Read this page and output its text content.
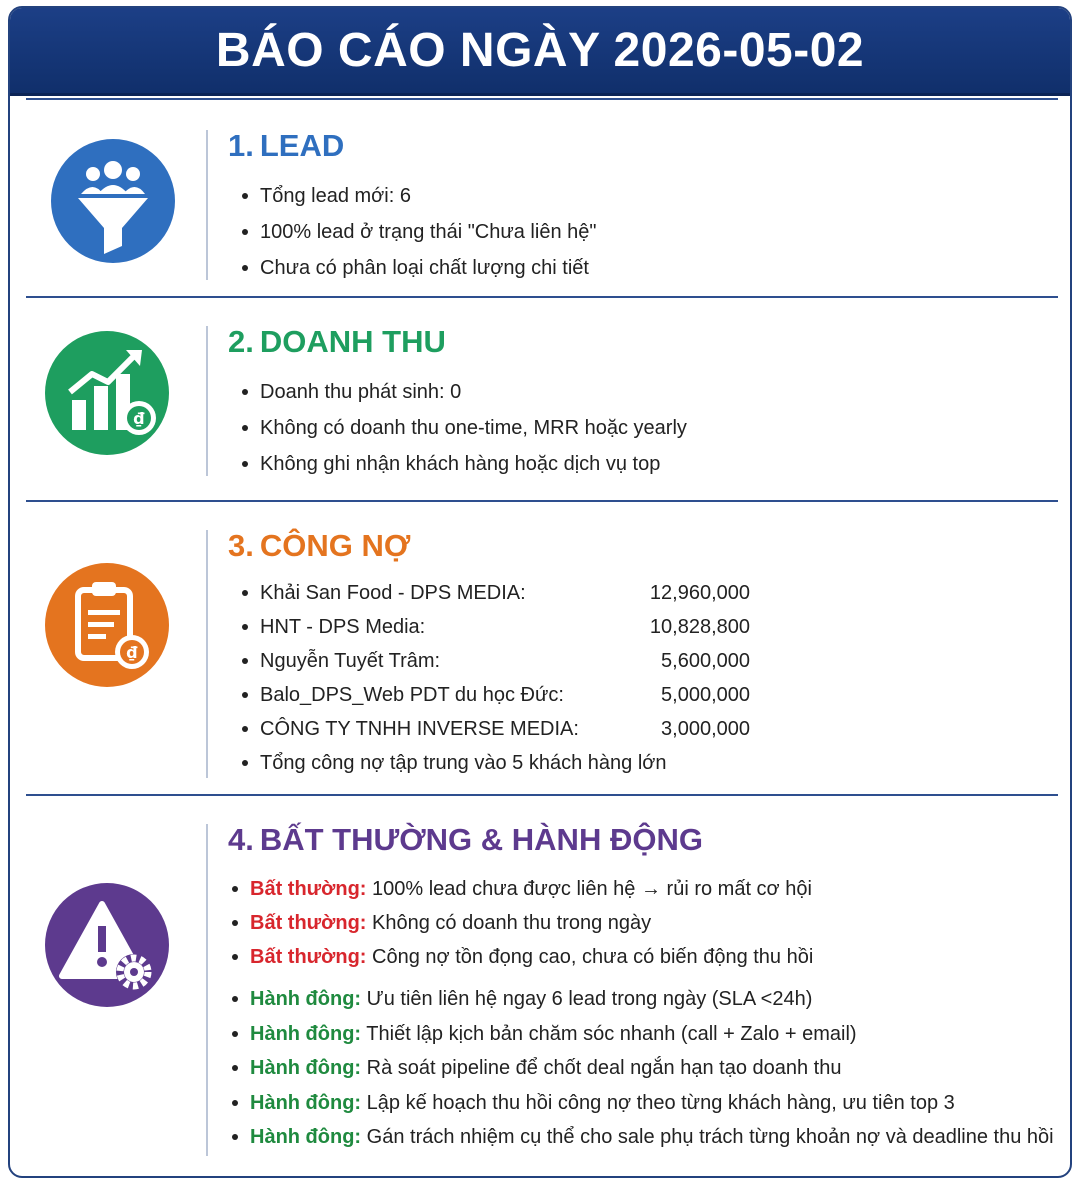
BÁO CÁO NGÀY 2026-05-02
1. LEAD
Tổng lead mới: 6
100% lead ở trạng thái "Chưa liên hệ"
Chưa có phân loại chất lượng chi tiết
₫
2. DOANH THU
Doanh thu phát sinh: 0
Không có doanh thu one-time, MRR hoặc yearly
Không ghi nhận khách hàng hoặc dịch vụ top
₫
3. CÔNG NỢ
Khải San Food - DPS MEDIA:	12,960,000
HNT - DPS Media:	10,828,800
Nguyễn Tuyết Trâm:	5,600,000
Balo_DPS_Web PDT du học Đức:	5,000,000
CÔNG TY TNHH INVERSE MEDIA:	3,000,000
Tổng công nợ tập trung vào 5 khách hàng lớn
4. BẤT THƯỜNG & HÀNH ĐỘNG
Bất thường: 100% lead chưa được liên hệ → rủi ro mất cơ hội
Bất thường: Không có doanh thu trong ngày
Bất thường: Công nợ tồn đọng cao, chưa có biến động thu hồi
Hành đông: Ưu tiên liên hệ ngay 6 lead trong ngày (SLA <24h)
Hành đông: Thiết lập kịch bản chăm sóc nhanh (call + Zalo + email)
Hành đông: Rà soát pipeline để chốt deal ngắn hạn tạo doanh thu
Hành đông: Lập kế hoạch thu hồi công nợ theo từng khách hàng, ưu tiên top 3
Hành đông: Gán trách nhiệm cụ thể cho sale phụ trách từng khoản nợ và deadline thu hồi
